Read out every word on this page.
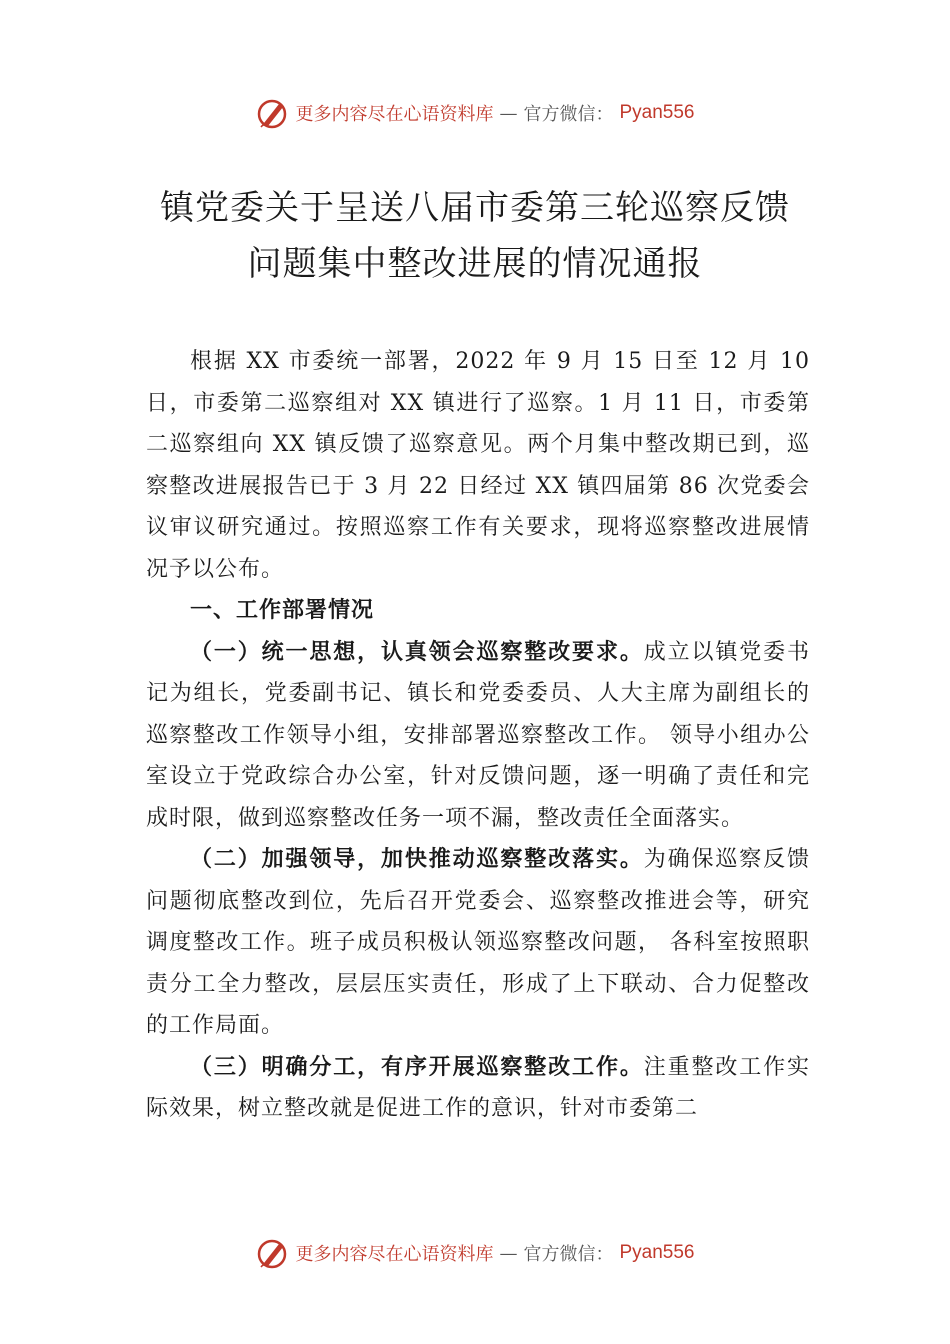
更多内容尽在心语资料库 — 官方微信： Pyan556
镇党委关于呈送八届市委第三轮巡察反馈
问题集中整改进展的情况通报

根据 XX 市委统一部署，2022 年 9 月 15 日至 12 月 10 日，市委第二巡察组对 XX 镇进行了巡察。1 月 11 日，市委第二巡察组向 XX 镇反馈了巡察意见。两个月集中整改期已到，巡察整改进展报告已于 3 月 22 日经过 XX 镇四届第 86 次党委会议审议研究通过。按照巡察工作有关要求，现将巡察整改进展情况予以公布。

一、工作部署情况

（一）统一思想，认真领会巡察整改要求。成立以镇党委书记为组长，党委副书记、镇长和党委委员、人大主席为副组长的巡察整改工作领导小组，安排部署巡察整改工作。 领导小组办公室设立于党政综合办公室，针对反馈问题，逐一明确了责任和完成时限，做到巡察整改任务一项不漏，整改责任全面落实。

（二）加强领导，加快推动巡察整改落实。为确保巡察反馈问题彻底整改到位，先后召开党委会、巡察整改推进会等，研究调度整改工作。班子成员积极认领巡察整改问题， 各科室按照职责分工全力整改，层层压实责任，形成了上下联动、合力促整改的工作局面。

（三）明确分工，有序开展巡察整改工作。注重整改工作实际效果，树立整改就是促进工作的意识，针对市委第二

更多内容尽在心语资料库 — 官方微信： Pyan556
